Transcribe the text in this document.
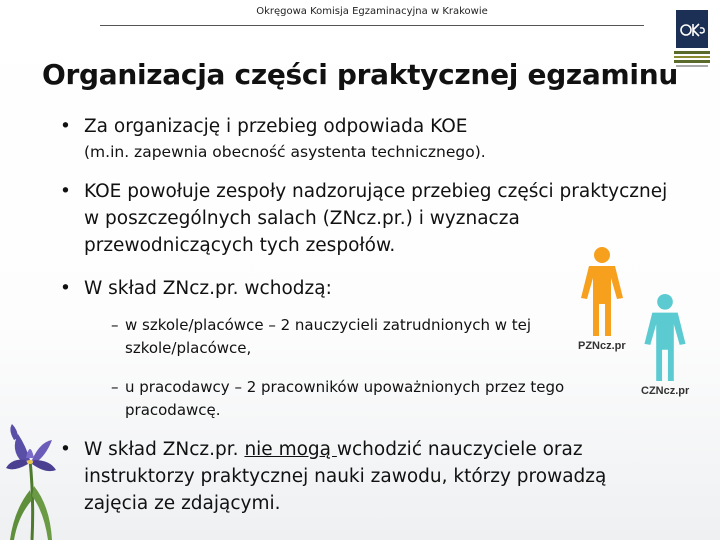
Okręgowa Komisja Egzaminacyjna w Krakowie
Organizacja części praktycznej egzaminu
• Za organizację i przebieg odpowiada KOE
(m.in. zapewnia obecność asystenta technicznego).
• KOE powołuje zespoły nadzorujące przebieg części praktycznej
w poszczególnych salach (ZNcz.pr.) i wyznacza
przewodniczących tych zespołów.
• W skład ZNcz.pr. wchodzą:
– w szkole/placówce – 2 nauczycieli zatrudnionych w tej
szkole/placówce,
– u pracodawcy – 2 pracowników upoważnionych przez tego
pracodawcę.
• W skład ZNcz.pr. nie mogą wchodzić nauczyciele oraz
instruktorzy praktycznej nauki zawodu, którzy prowadzą
zajęcia ze zdającymi.
PZNcz.pr
CZNcz.pr
